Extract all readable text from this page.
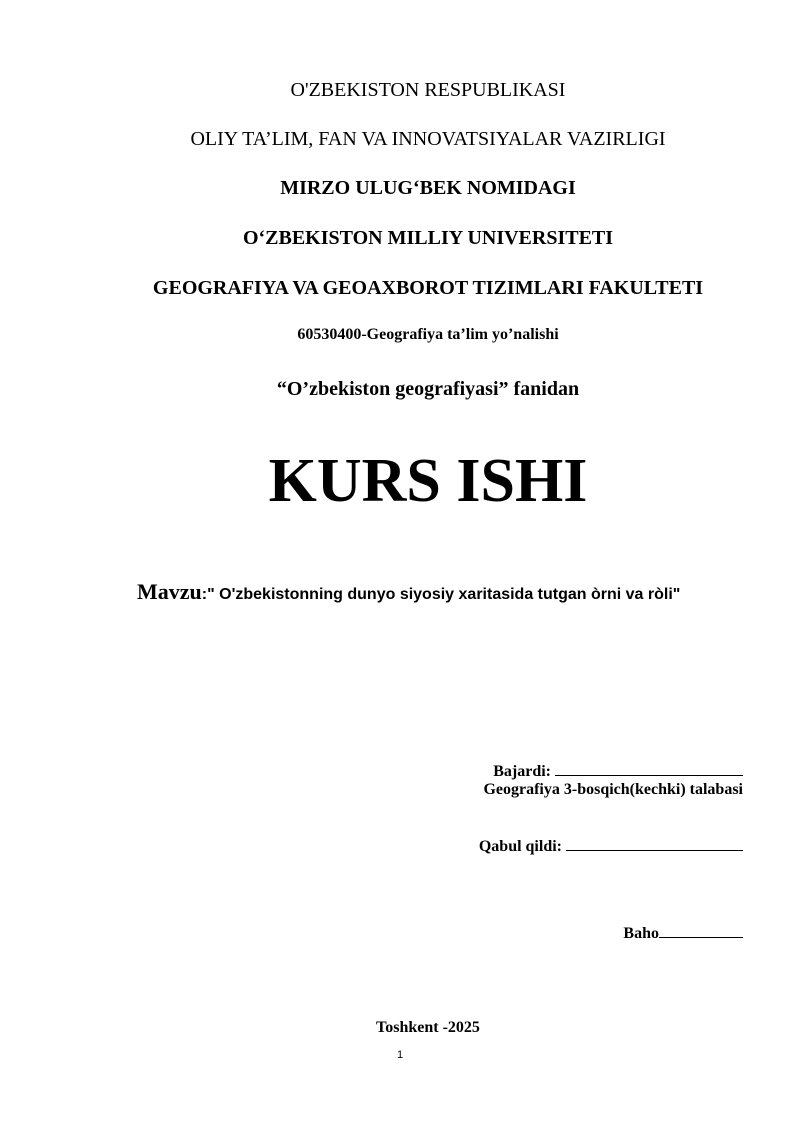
O'ZBEKISTON RESPUBLIKASI
OLIY TA’LIM, FAN VA INNOVATSIYALAR VAZIRLIGI
MIRZO ULUG‘BEK NOMIDAGI
O‘ZBEKISTON MILLIY UNIVERSITETI
GEOGRAFIYA VA GEOAXBOROT TIZIMLARI FAKULTETI
60530400-Geografiya ta’lim yo’nalishi
“O’zbekiston geografiyasi” fanidan
KURS ISHI
Mavzu:" O'zbekistonning dunyo siyosiy xaritasida tutgan òrni va ròli"
Bajardi:
Geografiya 3-bosqich(kechki) talabasi
Qabul qildi:
Baho
Toshkent -2025
1
